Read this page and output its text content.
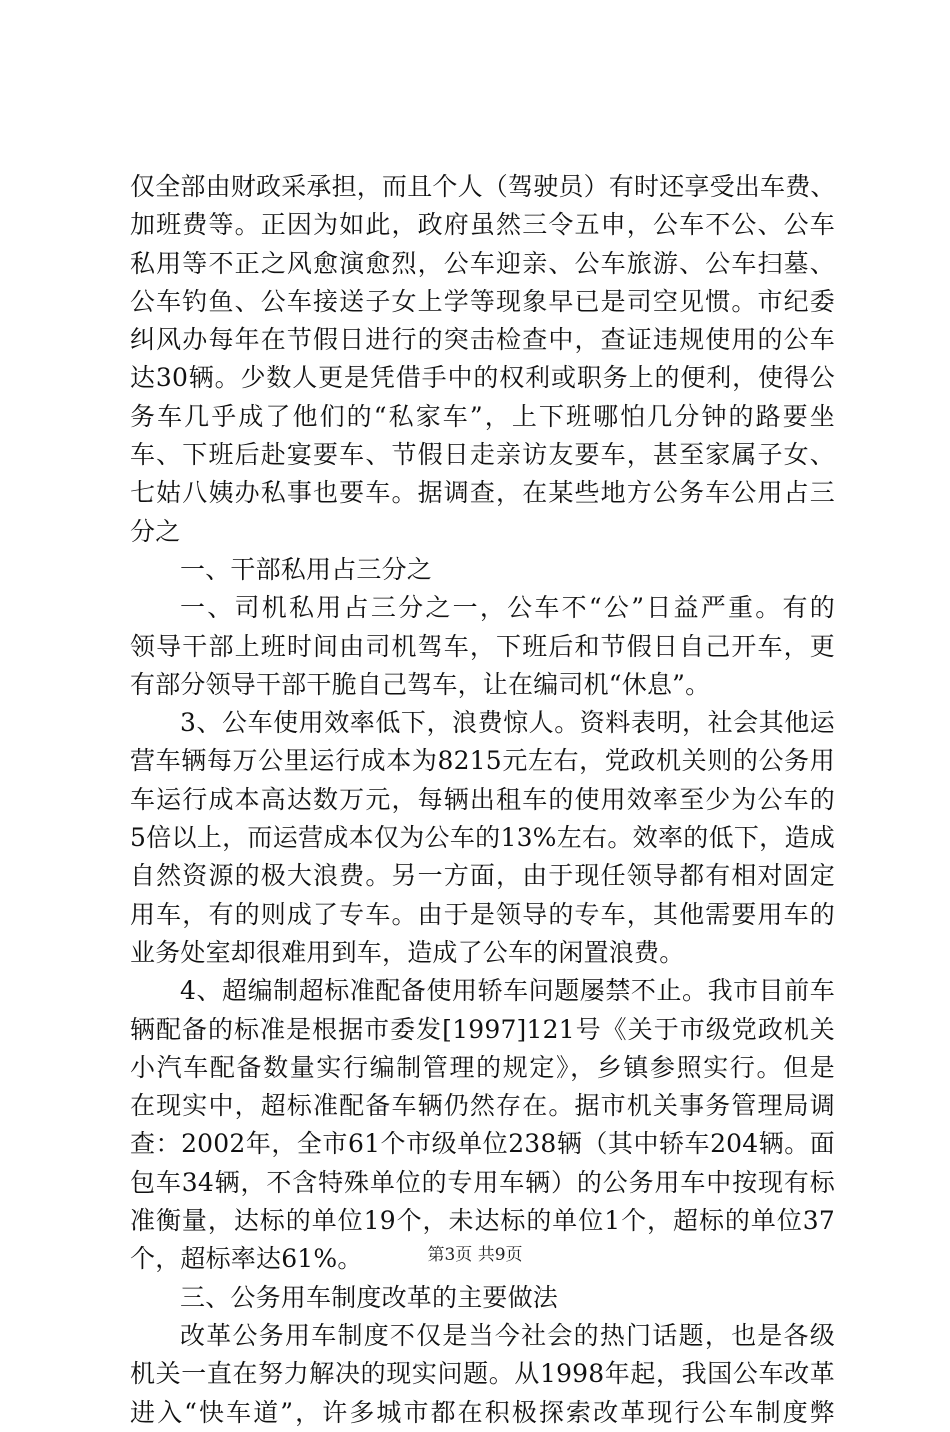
仅全部由财政采承担，而且个人（驾驶员）有时还享受出车费、
加班费等。正因为如此，政府虽然三令五申，公车不公、公车
私用等不正之风愈演愈烈，公车迎亲、公车旅游、公车扫墓、
公车钓鱼、公车接送子女上学等现象早已是司空见惯。市纪委
纠风办每年在节假日进行的突击检查中，查证违规使用的公车
达30辆。少数人更是凭借手中的权利或职务上的便利，使得公
务车几乎成了他们的“私家车”，上下班哪怕几分钟的路要坐
车、下班后赴宴要车、节假日走亲访友要车，甚至家属子女、
七姑八姨办私事也要车。据调查，在某些地方公务车公用占三
分之
一、干部私用占三分之
一、司机私用占三分之一，公车不“公”日益严重。有的
领导干部上班时间由司机驾车，下班后和节假日自己开车，更
有部分领导干部干脆自己驾车，让在编司机“休息”。
3、公车使用效率低下，浪费惊人。资料表明，社会其他运
营车辆每万公里运行成本为8215元左右，党政机关则的公务用
车运行成本高达数万元，每辆出租车的使用效率至少为公车的
5倍以上，而运营成本仅为公车的13%左右。效率的低下，造成
自然资源的极大浪费。另一方面，由于现任领导都有相对固定
用车，有的则成了专车。由于是领导的专车，其他需要用车的
业务处室却很难用到车，造成了公车的闲置浪费。
4、超编制超标准配备使用轿车问题屡禁不止。我市目前车
辆配备的标准是根据市委发[1997]121号《关于市级党政机关
小汽车配备数量实行编制管理的规定》，乡镇参照实行。但是
在现实中，超标准配备车辆仍然存在。据市机关事务管理局调
查：2002年，全市61个市级单位238辆（其中轿车204辆。面
包车34辆，不含特殊单位的专用车辆）的公务用车中按现有标
准衡量，达标的单位19个，未达标的单位1个，超标的单位37
个，超标率达61%。
三、公务用车制度改革的主要做法
改革公务用车制度不仅是当今社会的热门话题，也是各级
机关一直在努力解决的现实问题。从1998年起，我国公车改革
进入“快车道”，许多城市都在积极探索改革现行公车制度弊
第3页 共9页
